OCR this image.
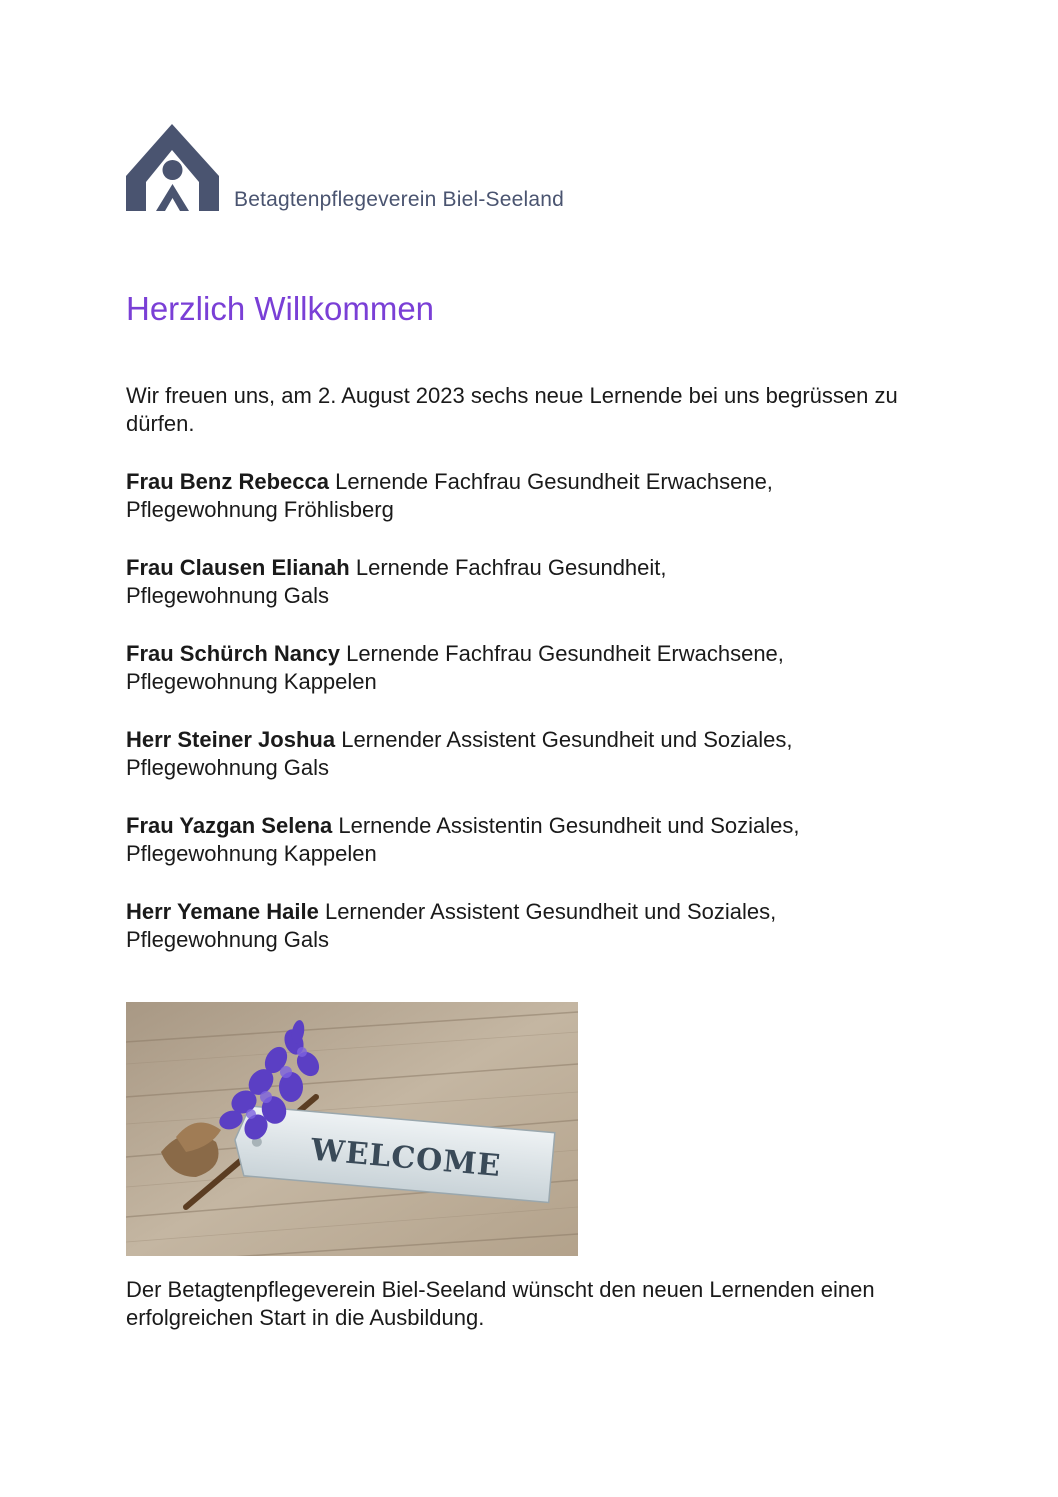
Betagtenpflegeverein Biel-Seeland
Herzlich Willkommen

Wir freuen uns, am 2. August 2023 sechs neue Lernende bei uns begrüssen zu dürfen.

Frau Benz Rebecca Lernende Fachfrau Gesundheit Erwachsene,
Pflegewohnung Fröhlisberg
Frau Clausen Elianah Lernende Fachfrau Gesundheit,
Pflegewohnung Gals
Frau Schürch Nancy Lernende Fachfrau Gesundheit Erwachsene,
Pflegewohnung Kappelen
Herr Steiner Joshua Lernender Assistent Gesundheit und Soziales,
Pflegewohnung Gals
Frau Yazgan Selena Lernende Assistentin Gesundheit und Soziales,
Pflegewohnung Kappelen
Herr Yemane Haile Lernender Assistent Gesundheit und Soziales,
Pflegewohnung Gals
WELCOME

Der Betagtenpflegeverein Biel-Seeland wünscht den neuen Lernenden einen erfolgreichen Start in die Ausbildung.
